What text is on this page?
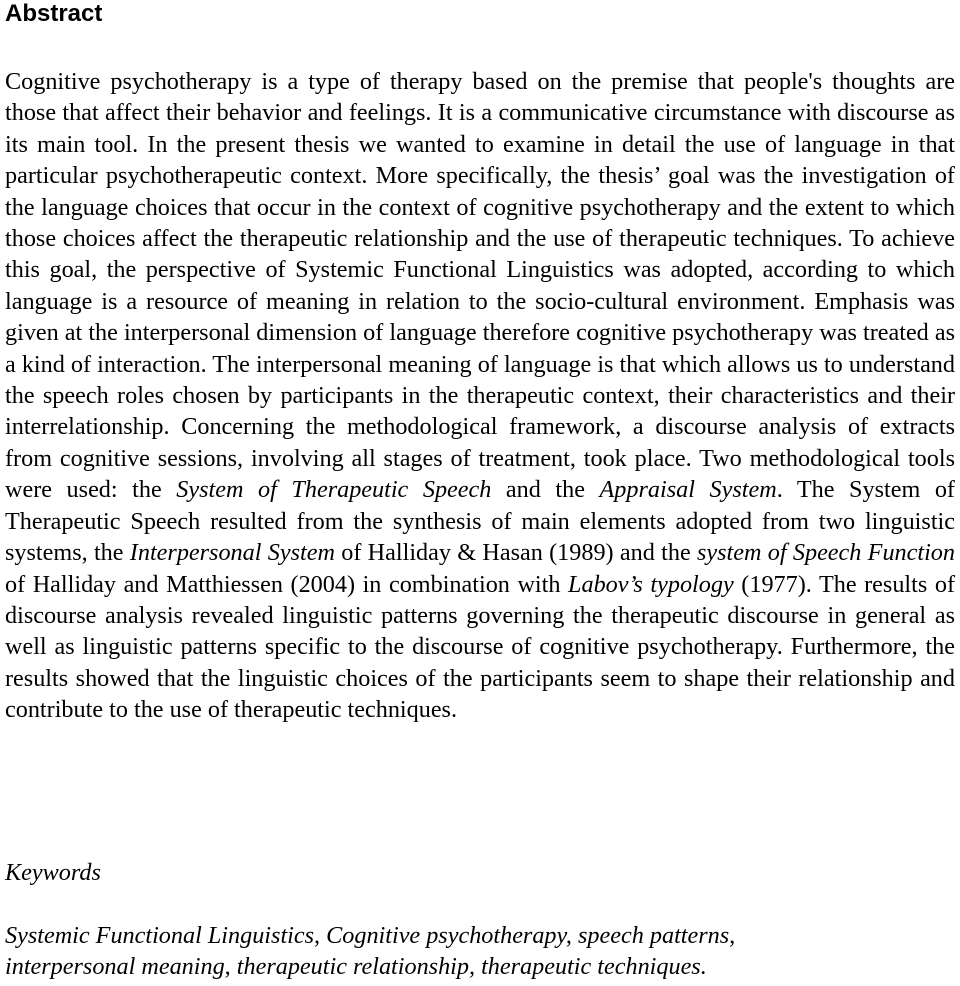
Abstract

Cognitive psychotherapy is a type of therapy based on the premise that people's thoughts are those that affect their behavior and feelings. It is a communicative circumstance with discourse as its main tool. In the present thesis we wanted to examine in detail the use of language in that particular psychotherapeutic context. More specifically, the thesis’ goal was the investigation of the language choices that occur in the context of cognitive psychotherapy and the extent to which those choices affect the therapeutic relationship and the use of therapeutic techniques. To achieve this goal, the perspective of Systemic Functional Linguistics was adopted, according to which language is a resource of meaning in relation to the socio-cultural environment. Emphasis was given at the interpersonal dimension of language therefore cognitive psychotherapy was treated as a kind of interaction. The interpersonal meaning of language is that which allows us to understand the speech roles chosen by participants in the therapeutic context, their characteristics and their interrelationship. Concerning the methodological framework, a discourse analysis of extracts from cognitive sessions, involving all stages of treatment, took place. Two methodological tools were used: the System of Therapeutic Speech and the Appraisal System. The System of Therapeutic Speech resulted from the synthesis of main elements adopted from two linguistic systems, the Interpersonal System of Halliday & Hasan (1989) and the system of Speech Function of Halliday and Matthiessen (2004) in combination with Labov’s typology (1977). The results of discourse analysis revealed linguistic patterns governing the therapeutic discourse in general as well as linguistic patterns specific to the discourse of cognitive psychotherapy. Furthermore, the results showed that the linguistic choices of the participants seem to shape their relationship and contribute to the use of therapeutic techniques.

Keywords

Systemic Functional Linguistics, Cognitive psychotherapy, speech patterns,
interpersonal meaning, therapeutic relationship, therapeutic techniques.
